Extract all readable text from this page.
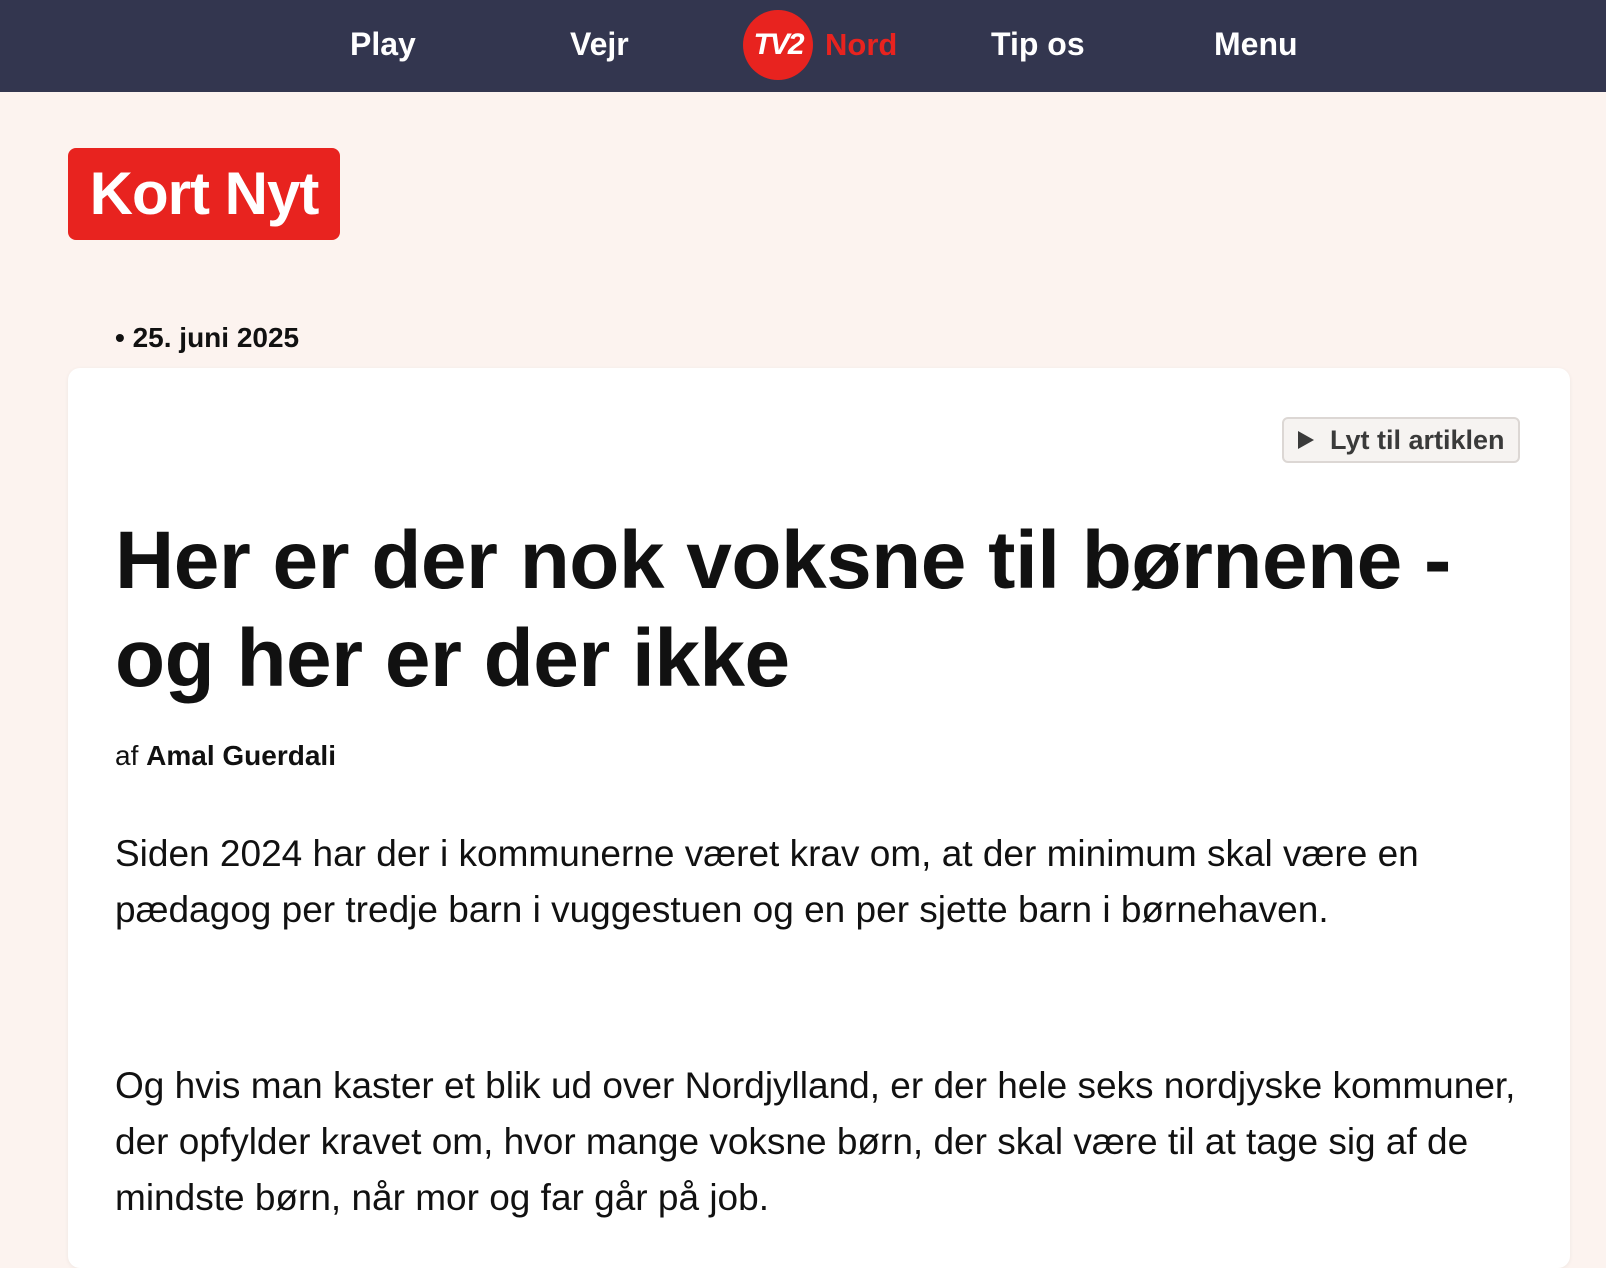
Play	Vejr	TV2 Nord	Tip os	Menu
Kort Nyt
• 25. juni 2025
Lyt til artiklen
Her er der nok voksne til børnene - og her er der ikke
af Amal Guerdali

Siden 2024 har der i kommunerne været krav om, at der minimum skal være en pædagog per tredje barn i vuggestuen og en per sjette barn i børnehaven.

Og hvis man kaster et blik ud over Nordjylland, er der hele seks nordjyske kommuner, der opfylder kravet om, hvor mange voksne børn, der skal være til at tage sig af de mindste børn, når mor og far går på job.
